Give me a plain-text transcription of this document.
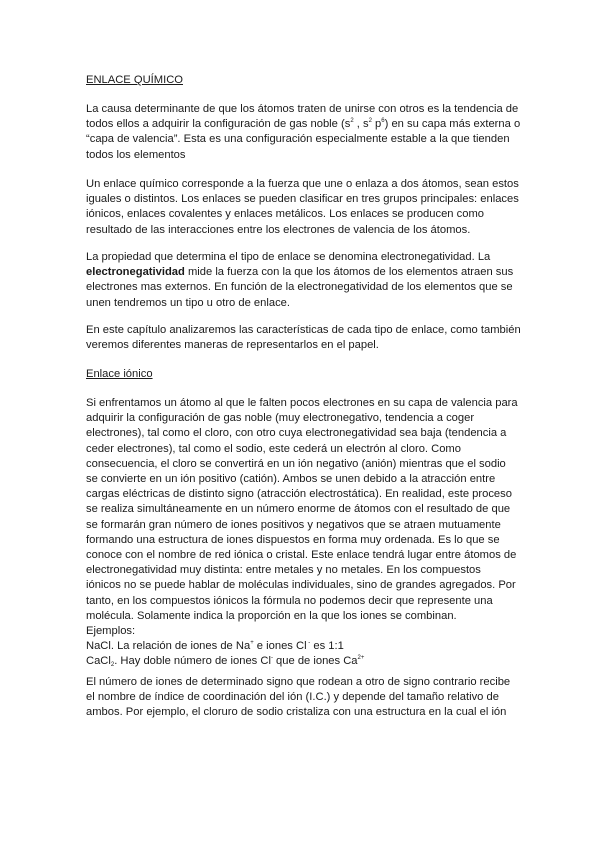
ENLACE QUÍMICO
La causa determinante de que los átomos traten de unirse con otros es la tendencia de
todos ellos a adquirir la configuración de gas noble ($s^2$ , $s^2$ $p^6$) en su capa más externa o
“capa de valencia”. Esta es una configuración especialmente estable a la que tienden
todos los elementos
Un enlace químico corresponde a la fuerza que une o enlaza a dos átomos, sean estos
iguales o distintos. Los enlaces se pueden clasificar en tres grupos principales: enlaces
iónicos, enlaces covalentes y enlaces metálicos. Los enlaces se producen como
resultado de las interacciones entre los electrones de valencia de los átomos.
La propiedad que determina el tipo de enlace se denomina electronegatividad. La
electronegatividad mide la fuerza con la que los átomos de los elementos atraen sus
electrones mas externos. En función de la electronegatividad de los elementos que se
unen tendremos un tipo u otro de enlace.
En este capítulo analizaremos las características de cada tipo de enlace, como también
veremos diferentes maneras de representarlos en el papel.
Enlace iónico
Si enfrentamos un átomo al que le falten pocos electrones en su capa de valencia para
adquirir la configuración de gas noble (muy electronegativo, tendencia a coger
electrones), tal como el cloro, con otro cuya electronegatividad sea baja (tendencia a
ceder electrones), tal como el sodio, este cederá un electrón al cloro. Como
consecuencia, el cloro se convertirá en un ión negativo (anión) mientras que el sodio
se convierte en un ión positivo (catión). Ambos se unen debido a la atracción entre
cargas eléctricas de distinto signo (atracción electrostática). En realidad, este proceso
se realiza simultáneamente en un número enorme de átomos con el resultado de que
se formarán gran número de iones positivos y negativos que se atraen mutuamente
formando una estructura de iones dispuestos en forma muy ordenada. Es lo que se
conoce con el nombre de red iónica o cristal. Este enlace tendrá lugar entre átomos de
electronegatividad muy distinta: entre metales y no metales. En los compuestos
iónicos no se puede hablar de moléculas individuales, sino de grandes agregados. Por
tanto, en los compuestos iónicos la fórmula no podemos decir que represente una
molécula. Solamente indica la proporción en la que los iones se combinan.
Ejemplos:
NaCl. La relación de iones de Na+ e iones Cl - es 1:1
CaCl$_2$. Hay doble número de iones Cl- que de iones $Ca^{2+}$
El número de iones de determinado signo que rodean a otro de signo contrario recibe
el nombre de índice de coordinación del ión (I.C.) y depende del tamaño relativo de
ambos. Por ejemplo, el cloruro de sodio cristaliza con una estructura en la cual el ión
